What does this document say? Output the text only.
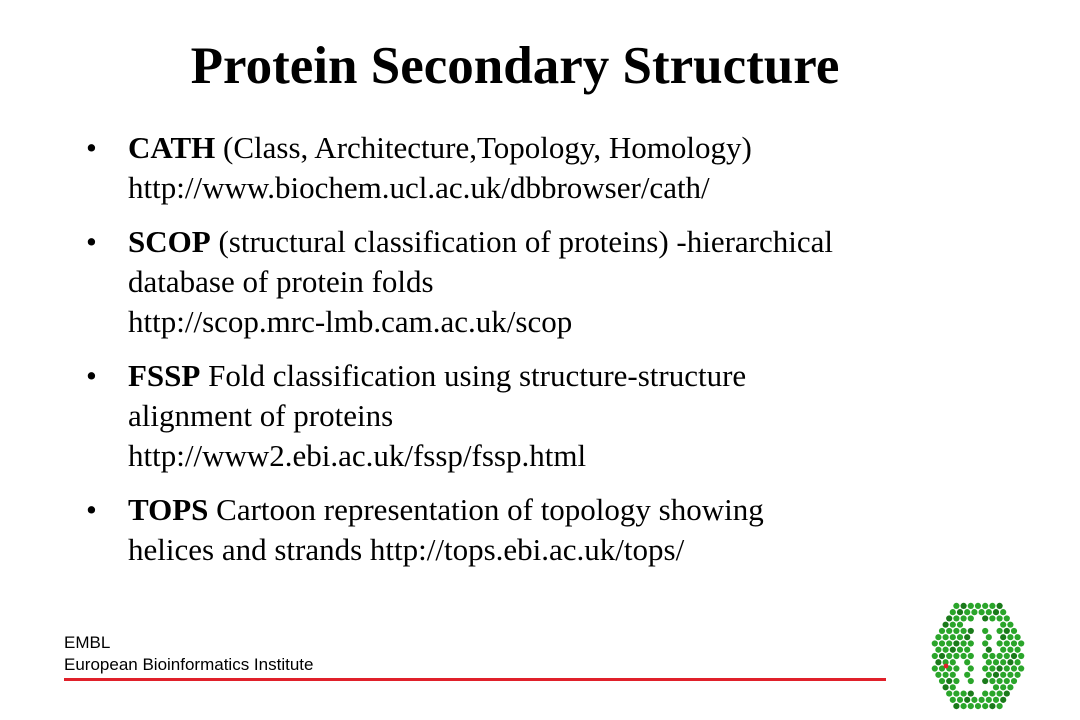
Protein Secondary Structure
• CATH (Class, Architecture,Topology, Homology)
http://www.biochem.ucl.ac.uk/dbbrowser/cath/
• SCOP (structural classification of proteins) -hierarchical
database of protein folds
http://scop.mrc-lmb.cam.ac.uk/scop
• FSSP Fold classification using structure-structure
alignment of proteins
http://www2.ebi.ac.uk/fssp/fssp.html
• TOPS Cartoon representation of topology showing
helices and strands http://tops.ebi.ac.uk/tops/
EMBL
European Bioinformatics Institute
